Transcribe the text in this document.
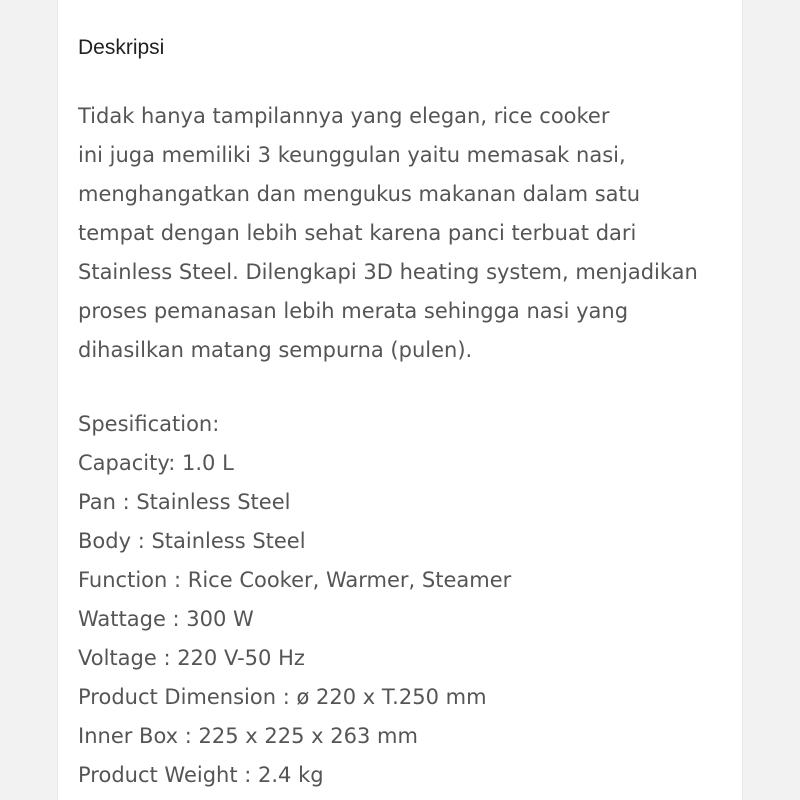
Deskripsi

Tidak hanya tampilannya yang elegan, rice cooker
ini juga memiliki 3 keunggulan yaitu memasak nasi,
menghangatkan dan mengukus makanan dalam satu
tempat dengan lebih sehat karena panci terbuat dari
Stainless Steel. Dilengkapi 3D heating system, menjadikan
proses pemanasan lebih merata sehingga nasi yang
dihasilkan matang sempurna (pulen).

Spesification:
Capacity: 1.0 L
Pan : Stainless Steel
Body : Stainless Steel
Function : Rice Cooker, Warmer, Steamer
Wattage : 300 W
Voltage : 220 V-50 Hz
Product Dimension : ø 220 x T.250 mm
Inner Box : 225 x 225 x 263 mm
Product Weight : 2.4 kg
